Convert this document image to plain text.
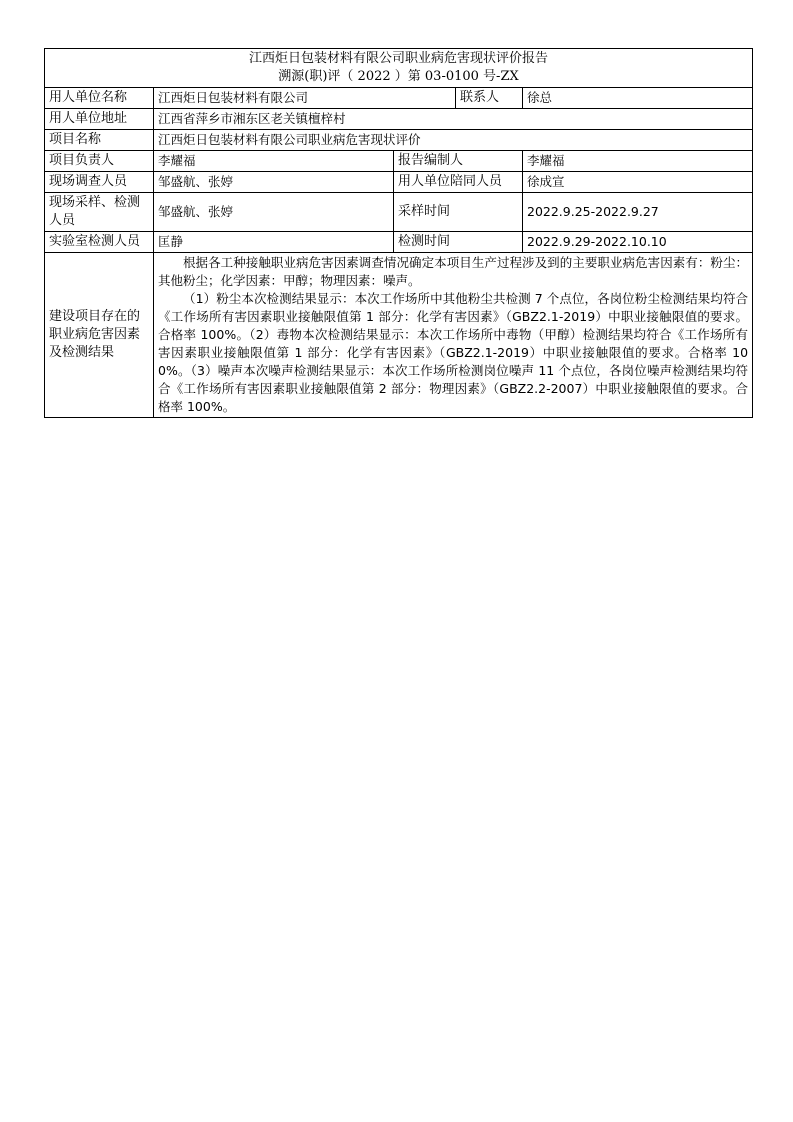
江西炬日包装材料有限公司职业病危害现状评价报告
溯源(职)评（ 2022 ）第 03-0100 号-ZX				

用人单位名称	江西炬日包装材料有限公司		联系人	徐总
用人单位地址	江西省萍乡市湘东区老关镇檀梓村			
项目名称	江西炬日包装材料有限公司职业病危害现状评价			
项目负责人	李耀福	报告编制人		李耀福
现场调查人员	邹盛航、张婷	用人单位陪同人员		徐成宣
现场采样、检测人员	邹盛航、张婷	采样时间		2022.9.25-2022.9.27
实验室检测人员	匡静	检测时间		2022.9.29-2022.10.10
建设项目存在的职业病危害因素及检测结果	根据各工种接触职业病危害因素调查情况确定本项目生产过程涉及到的主要职业病危害因素有：粉尘：其他粉尘；化学因素：甲醇；物理因素：噪声。
（1）粉尘本次检测结果显示：本次工作场所中其他粉尘共检测 7 个点位，各岗位粉尘检测结果均符合《工作场所有害因素职业接触限值第 1 部分：化学有害因素》（GBZ2.1-2019）中职业接触限值的要求。合格率 100%。（2）毒物本次检测结果显示：本次工作场所中毒物（甲醇）检测结果均符合《工作场所有害因素职业接触限值第 1 部分：化学有害因素》（GBZ2.1-2019）中职业接触限值的要求。合格率 100%。（3）噪声本次噪声检测结果显示：本次工作场所检测岗位噪声 11 个点位，各岗位噪声检测结果均符合《工作场所有害因素职业接触限值第 2 部分：物理因素》（GBZ2.2-2007）中职业接触限值的要求。合格率 100%。			
